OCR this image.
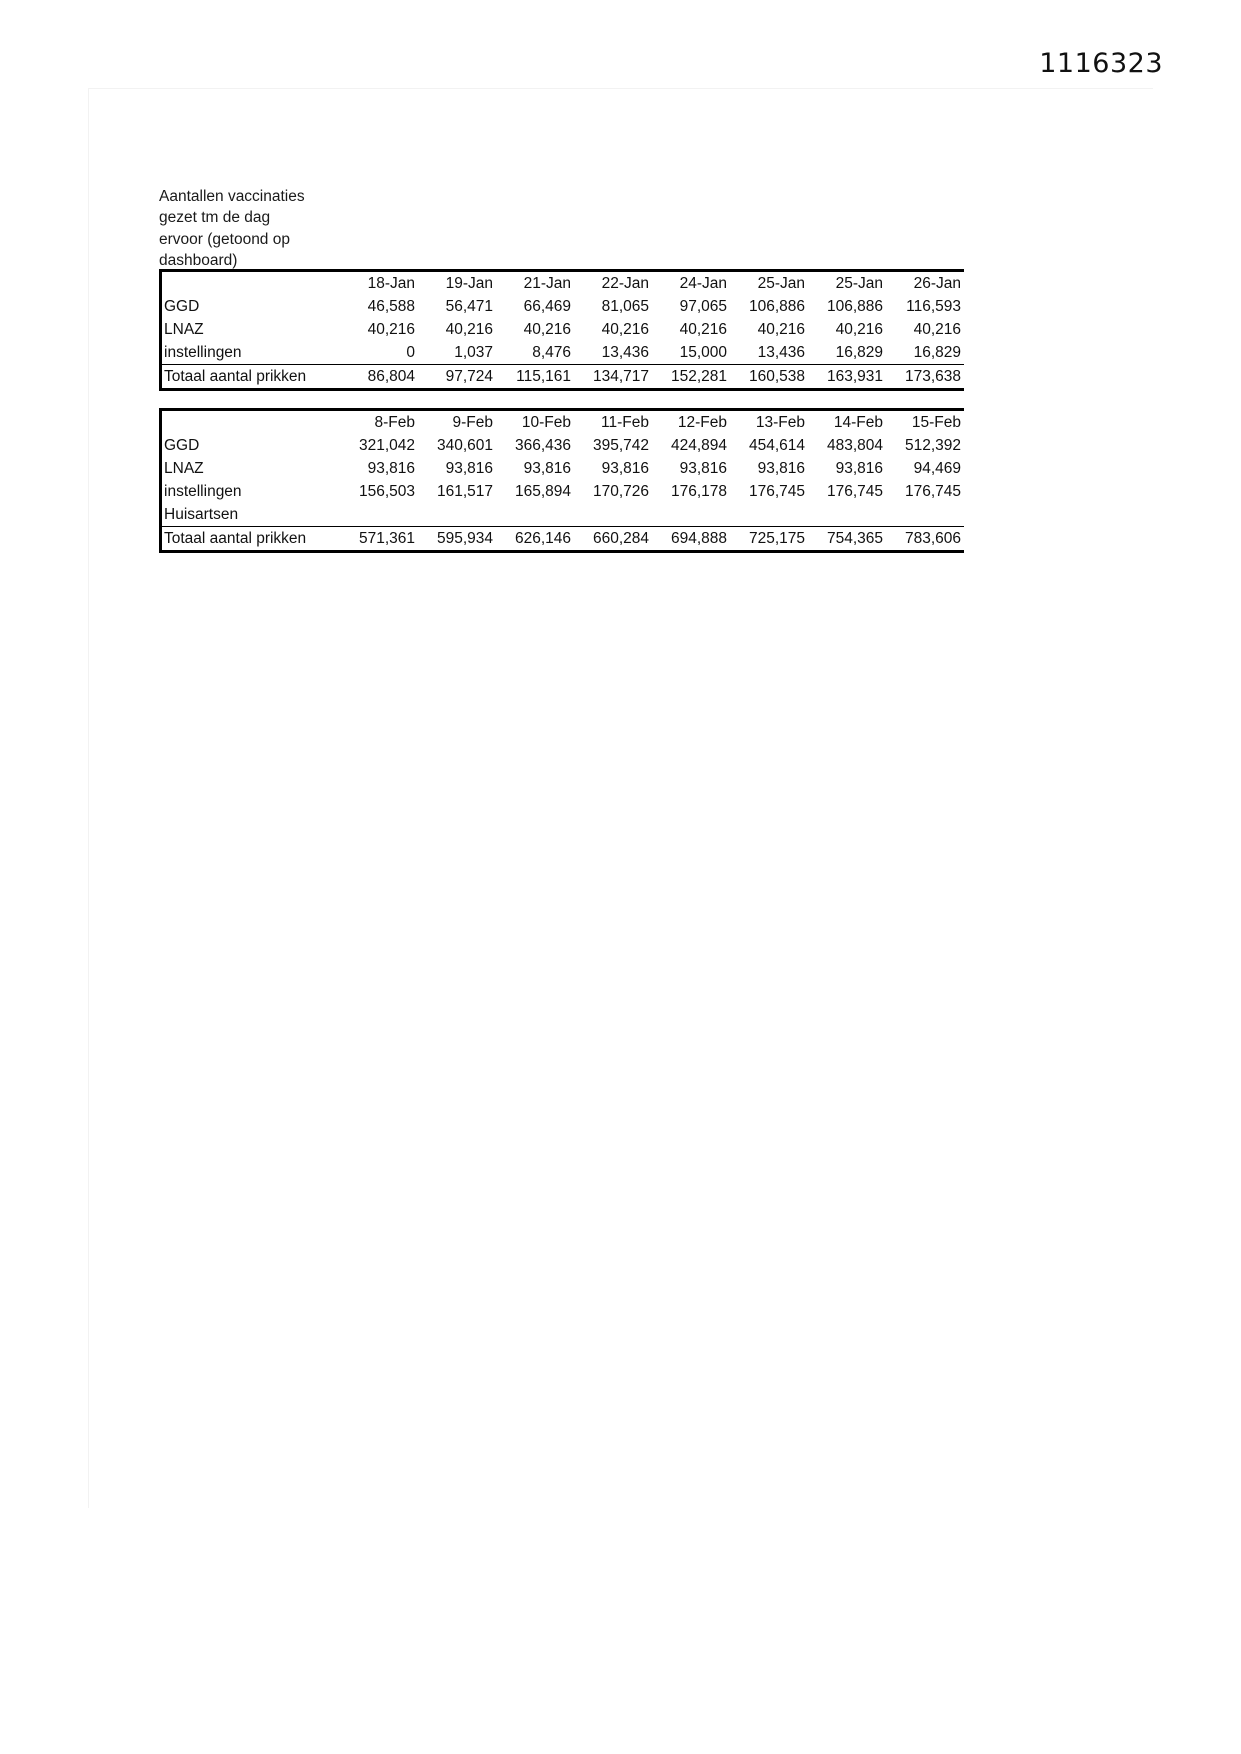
1116323
Aantallen vaccinaties
gezet tm de dag
ervoor (getoond op
dashboard)
	18-Jan	19-Jan	21-Jan	22-Jan	24-Jan	25-Jan	25-Jan	26-Jan
GGD	46,588	56,471	66,469	81,065	97,065	106,886	106,886	116,593
LNAZ	40,216	40,216	40,216	40,216	40,216	40,216	40,216	40,216
instellingen	0	1,037	8,476	13,436	15,000	13,436	16,829	16,829
Totaal aantal prikken	86,804	97,724	115,161	134,717	152,281	160,538	163,931	173,638
	8-Feb	9-Feb	10-Feb	11-Feb	12-Feb	13-Feb	14-Feb	15-Feb
GGD	321,042	340,601	366,436	395,742	424,894	454,614	483,804	512,392
LNAZ	93,816	93,816	93,816	93,816	93,816	93,816	93,816	94,469
instellingen	156,503	161,517	165,894	170,726	176,178	176,745	176,745	176,745
Huisartsen								
Totaal aantal prikken	571,361	595,934	626,146	660,284	694,888	725,175	754,365	783,606
